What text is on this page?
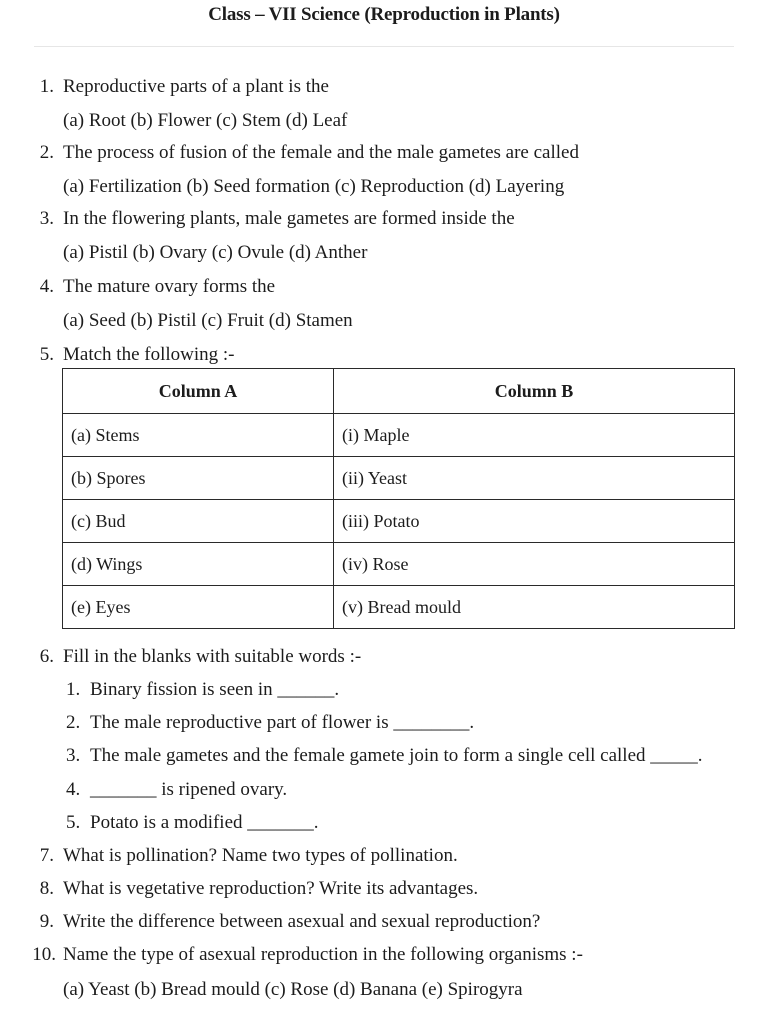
Class – VII Science (Reproduction in Plants)
1. Reproductive parts of a plant is the
(a) Root (b) Flower (c) Stem (d) Leaf
2. The process of fusion of the female and the male gametes are called
(a) Fertilization (b) Seed formation (c) Reproduction (d) Layering
3. In the flowering plants, male gametes are formed inside the
(a) Pistil (b) Ovary (c) Ovule (d) Anther
4. The mature ovary forms the
(a) Seed (b) Pistil (c) Fruit (d) Stamen
5. Match the following :-
Column A	Column B
(a) Stems	(i) Maple
(b) Spores	(ii) Yeast
(c) Bud	(iii) Potato
(d) Wings	(iv) Rose
(e) Eyes	(v) Bread mould
6. Fill in the blanks with suitable words :-
1. Binary fission is seen in ______.
2. The male reproductive part of flower is ________.
3. The male gametes and the female gamete join to form a single cell called _____.
4. _______ is ripened ovary.
5. Potato is a modified _______.
7. What is pollination? Name two types of pollination.
8. What is vegetative reproduction? Write its advantages.
9. Write the difference between asexual and sexual reproduction?
10. Name the type of asexual reproduction in the following organisms :-
(a) Yeast (b) Bread mould (c) Rose (d) Banana (e) Spirogyra
